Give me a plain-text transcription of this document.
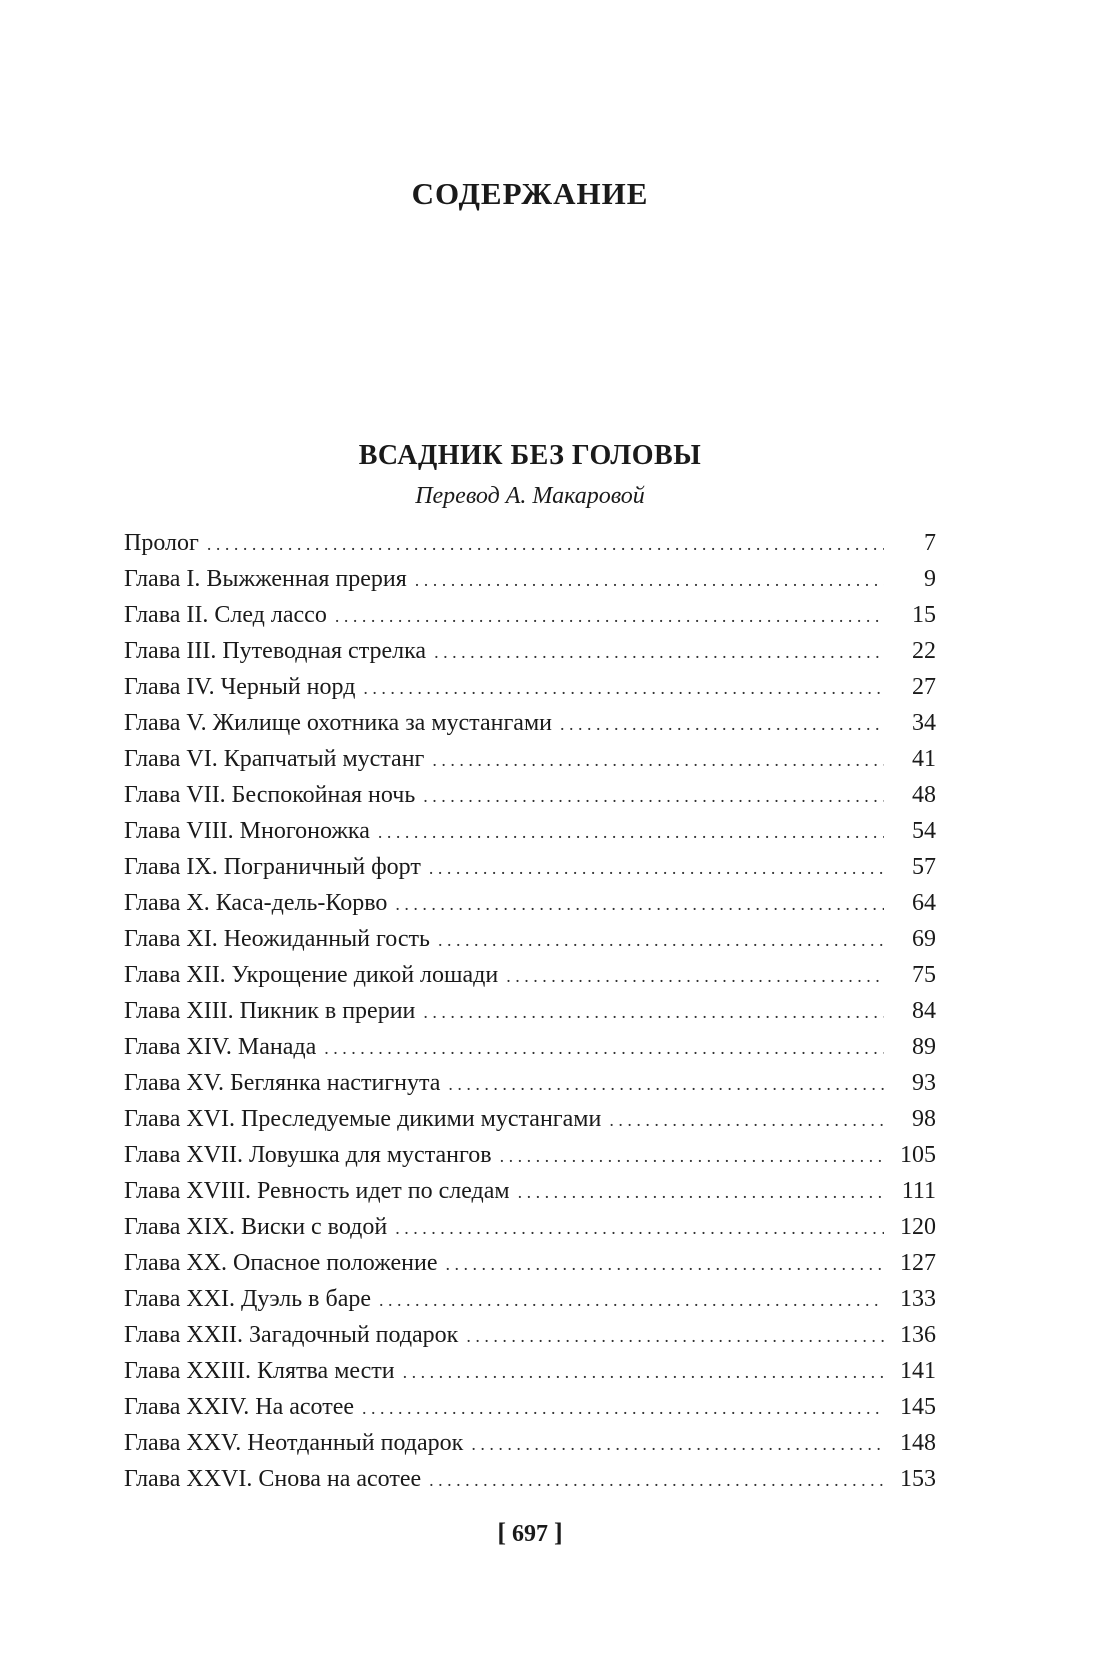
СОДЕРЖАНИЕ
ВСАДНИК БЕЗ ГОЛОВЫ
Перевод А. Макаровой
Пролог . . .	7
Глава I. Выжженная прерия . . .	9
Глава II. След лассо . . .	15
Глава III. Путеводная стрелка . . .	22
Глава IV. Черный норд . . .	27
Глава V. Жилище охотника за мустангами . . .	34
Глава VI. Крапчатый мустанг . . .	41
Глава VII. Беспокойная ночь . . .	48
Глава VIII. Многоножка . . .	54
Глава IX. Пограничный форт . . .	57
Глава X. Каса-дель-Корво . . .	64
Глава XI. Неожиданный гость . . .	69
Глава XII. Укрощение дикой лошади . . .	75
Глава XIII. Пикник в прерии . . .	84
Глава XIV. Манада . . .	89
Глава XV. Беглянка настигнута . . .	93
Глава XVI. Преследуемые дикими мустангами . . .	98
Глава XVII. Ловушка для мустангов . . .	105
Глава XVIII. Ревность идет по следам . . .	111
Глава XIX. Виски с водой . . .	120
Глава XX. Опасное положение . . .	127
Глава XXI. Дуэль в баре . . .	133
Глава XXII. Загадочный подарок . . .	136
Глава XXIII. Клятва мести . . .	141
Глава XXIV. На асотее . . .	145
Глава XXV. Неотданный подарок . . .	148
Глава XXVI. Снова на асотее . . .	153
[ 697 ]
